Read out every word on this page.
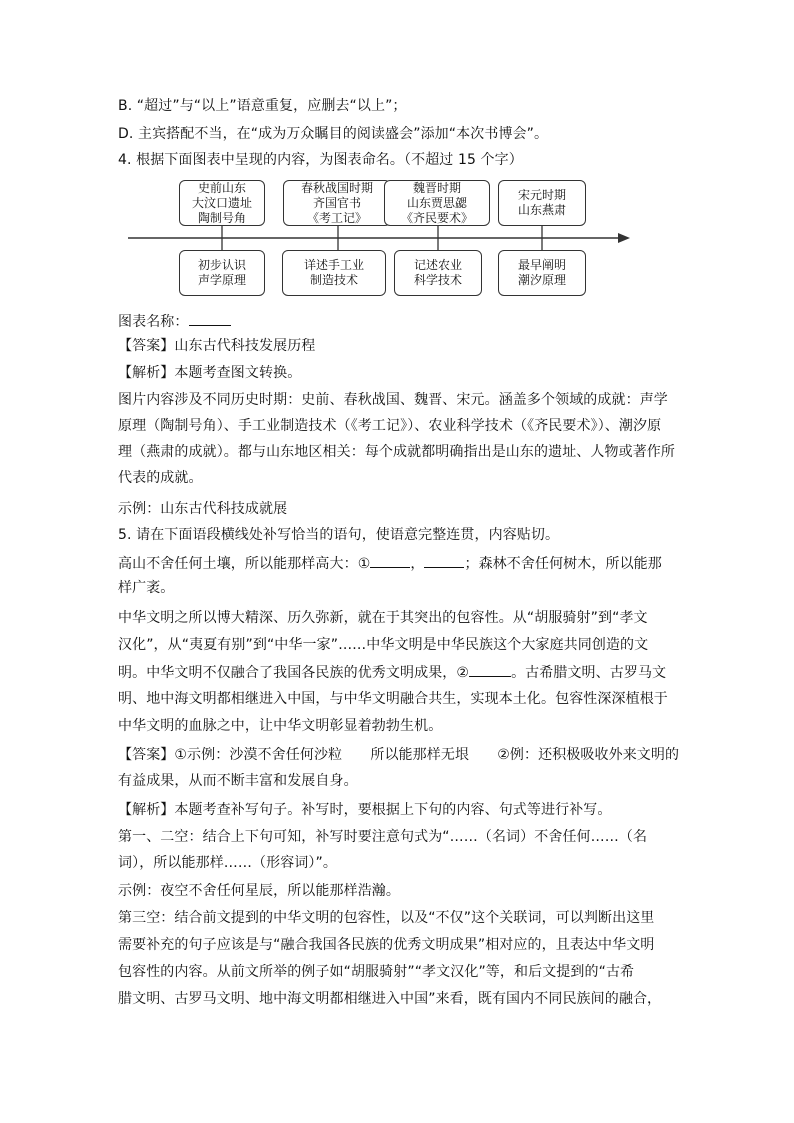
B. “超过”与“以上”语意重复，应删去“以上”；
D. 主宾搭配不当，在“成为万众瞩目的阅读盛会”添加“本次书博会”。
4. 根据下面图表中呈现的内容，为图表命名。（不超过 15 个字）
史前山东
大汶口遗址
陶制号角
春秋战国时期
齐国官书
《考工记》
魏晋时期
山东贾思勰
《齐民要术》
宋元时期
山东燕肃
初步认识
声学原理
详述手工业
制造技术
记述农业
科学技术
最早阐明
潮汐原理
图表名称：
【答案】山东古代科技发展历程
【解析】本题考查图文转换。
图片内容涉及不同历史时期：史前、春秋战国、魏晋、宋元。涵盖多个领域的成就：声学
原理（陶制号角）、手工业制造技术（《考工记》）、农业科学技术（《齐民要术》）、潮汐原
理（燕肃的成就）。都与山东地区相关：每个成就都明确指出是山东的遗址、人物或著作所
代表的成就。
示例：山东古代科技成就展
5. 请在下面语段横线处补写恰当的语句，使语意完整连贯，内容贴切。
高山不舍任何土壤，所以能那样高大：①	，	；森林不舍任何树木，所以能那
样广袤。
中华文明之所以博大精深、历久弥新，就在于其突出的包容性。从“胡服骑射”到“孝文
汉化”，从“夷夏有别”到“中华一家”……中华文明是中华民族这个大家庭共同创造的文
明。中华文明不仅融合了我国各民族的优秀文明成果，②	。古希腊文明、古罗马文
明、地中海文明都相继进入中国，与中华文明融合共生，实现本土化。包容性深深植根于
中华文明的血脉之中，让中华文明彰显着勃勃生机。
【答案】①示例：沙漠不舍任何沙粒　　所以能那样无垠　　②例：还积极吸收外来文明的
有益成果，从而不断丰富和发展自身。
【解析】本题考查补写句子。补写时，要根据上下句的内容、句式等进行补写。
第一、二空：结合上下句可知，补写时要注意句式为“……（名词）不舍任何……（名
词），所以能那样……（形容词）”。
示例：夜空不舍任何星辰，所以能那样浩瀚。
第三空：结合前文提到的中华文明的包容性，以及“不仅”这个关联词，可以判断出这里
需要补充的句子应该是与“融合我国各民族的优秀文明成果”相对应的，且表达中华文明
包容性的内容。从前文所举的例子如“胡服骑射”“孝文汉化”等，和后文提到的“古希
腊文明、古罗马文明、地中海文明都相继进入中国”来看，既有国内不同民族间的融合，
